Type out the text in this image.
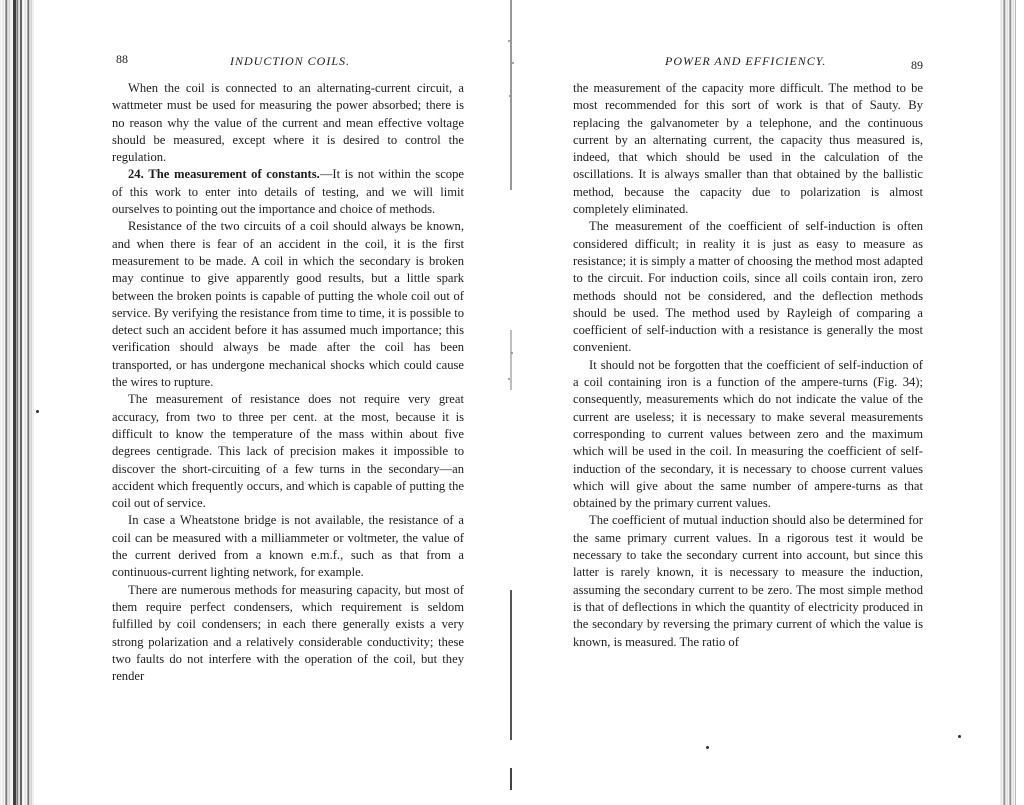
88	INDUCTION COILS.

When the coil is connected to an alternating-current circuit, a wattmeter must be used for measuring the power absorbed; there is no reason why the value of the current and mean effective voltage should be measured, except where it is desired to control the regulation.

24. The measurement of constants.—It is not within the scope of this work to enter into details of testing, and we will limit ourselves to pointing out the importance and choice of methods.

Resistance of the two circuits of a coil should always be known, and when there is fear of an accident in the coil, it is the first measurement to be made. A coil in which the secondary is broken may continue to give apparently good results, but a little spark between the broken points is capable of putting the whole coil out of service. By verifying the resistance from time to time, it is possible to detect such an accident before it has assumed much importance; this verification should always be made after the coil has been transported, or has undergone mechanical shocks which could cause the wires to rupture.

The measurement of resistance does not require very great accuracy, from two to three per cent. at the most, because it is difficult to know the temperature of the mass within about five degrees centigrade. This lack of precision makes it impossible to discover the short-circuiting of a few turns in the secondary—an accident which frequently occurs, and which is capable of putting the coil out of service.

In case a Wheatstone bridge is not available, the resistance of a coil can be measured with a milliammeter or voltmeter, the value of the current derived from a known e.m.f., such as that from a continuous-current lighting network, for example.

There are numerous methods for measuring capacity, but most of them require perfect condensers, which requirement is seldom fulfilled by coil condensers; in each there generally exists a very strong polarization and a relatively considerable conductivity; these two faults do not interfere with the operation of the coil, but they render

POWER AND EFFICIENCY.	89

the measurement of the capacity more difficult. The method to be most recommended for this sort of work is that of Sauty. By replacing the galvanometer by a telephone, and the continuous current by an alternating current, the capacity thus measured is, indeed, that which should be used in the calculation of the oscillations. It is always smaller than that obtained by the ballistic method, because the capacity due to polarization is almost completely eliminated.

The measurement of the coefficient of self-induction is often considered difficult; in reality it is just as easy to measure as resistance; it is simply a matter of choosing the method most adapted to the circuit. For induction coils, since all coils contain iron, zero methods should not be considered, and the deflection methods should be used. The method used by Rayleigh of comparing a coefficient of self-induction with a resistance is generally the most convenient.

It should not be forgotten that the coefficient of self-induction of a coil containing iron is a function of the ampere-turns (Fig. 34); consequently, measurements which do not indicate the value of the current are useless; it is necessary to make several measurements corresponding to current values between zero and the maximum which will be used in the coil. In measuring the coefficient of self-induction of the secondary, it is necessary to choose current values which will give about the same number of ampere-turns as that obtained by the primary current values.

The coefficient of mutual induction should also be determined for the same primary current values. In a rigorous test it would be necessary to take the secondary current into account, but since this latter is rarely known, it is necessary to measure the induction, assuming the secondary current to be zero. The most simple method is that of deflections in which the quantity of electricity produced in the secondary by reversing the primary current of which the value is known, is measured. The ratio of
